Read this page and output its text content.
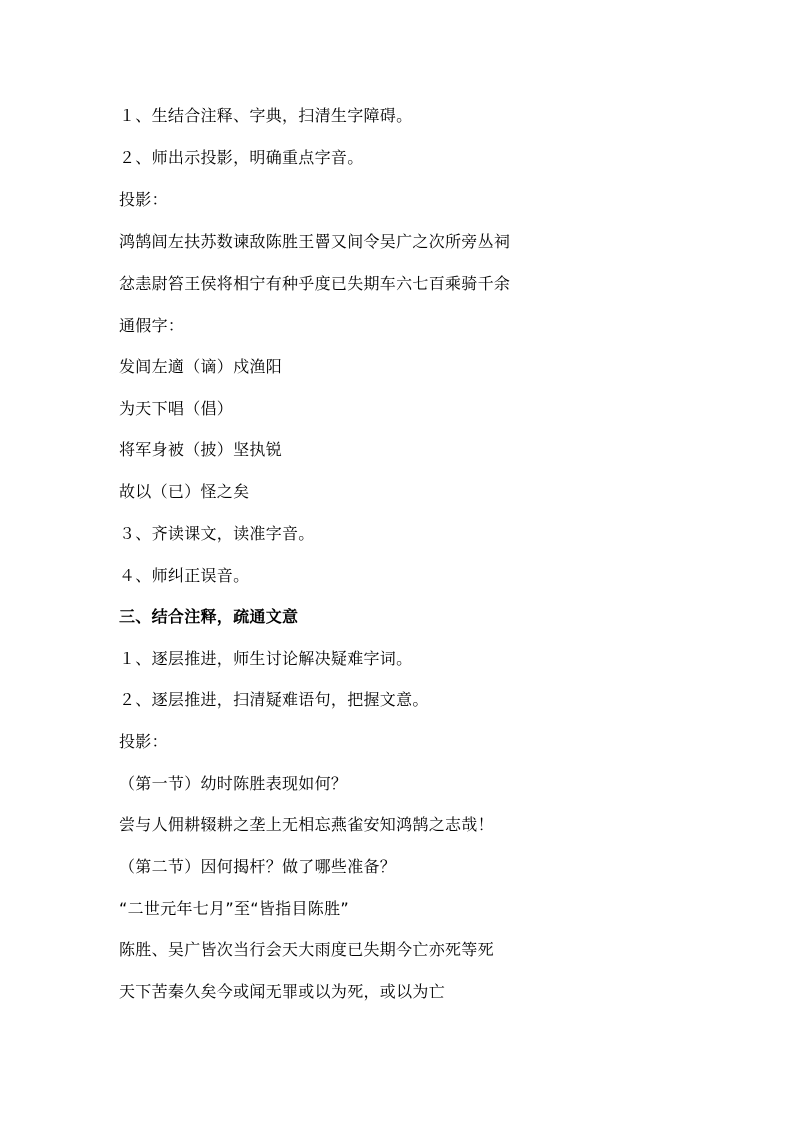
１、生结合注释、字典，扫清生字障碍。
２、师出示投影，明确重点字音。
投影：
鸿鹄闾左扶苏数谏敌陈胜王罾又间令吴广之次所旁丛祠
忿恚尉笞王侯将相宁有种乎度已失期车六七百乘骑千余
通假字：
发闾左適（谪）戍渔阳
为天下唱（倡）
将军身被（披）坚执锐
故以（已）怪之矣
３、齐读课文，读准字音。
４、师纠正误音。
三、结合注释，疏通文意
１、逐层推进，师生讨论解决疑难字词。
２、逐层推进，扫清疑难语句，把握文意。
投影：
（第一节）幼时陈胜表现如何？
尝与人佣耕辍耕之垄上无相忘燕雀安知鸿鹄之志哉！
（第二节）因何揭杆？做了哪些准备？
“二世元年七月”至“皆指目陈胜”
陈胜、吴广皆次当行会天大雨度已失期今亡亦死等死
天下苦秦久矣今或闻无罪或以为死，或以为亡
